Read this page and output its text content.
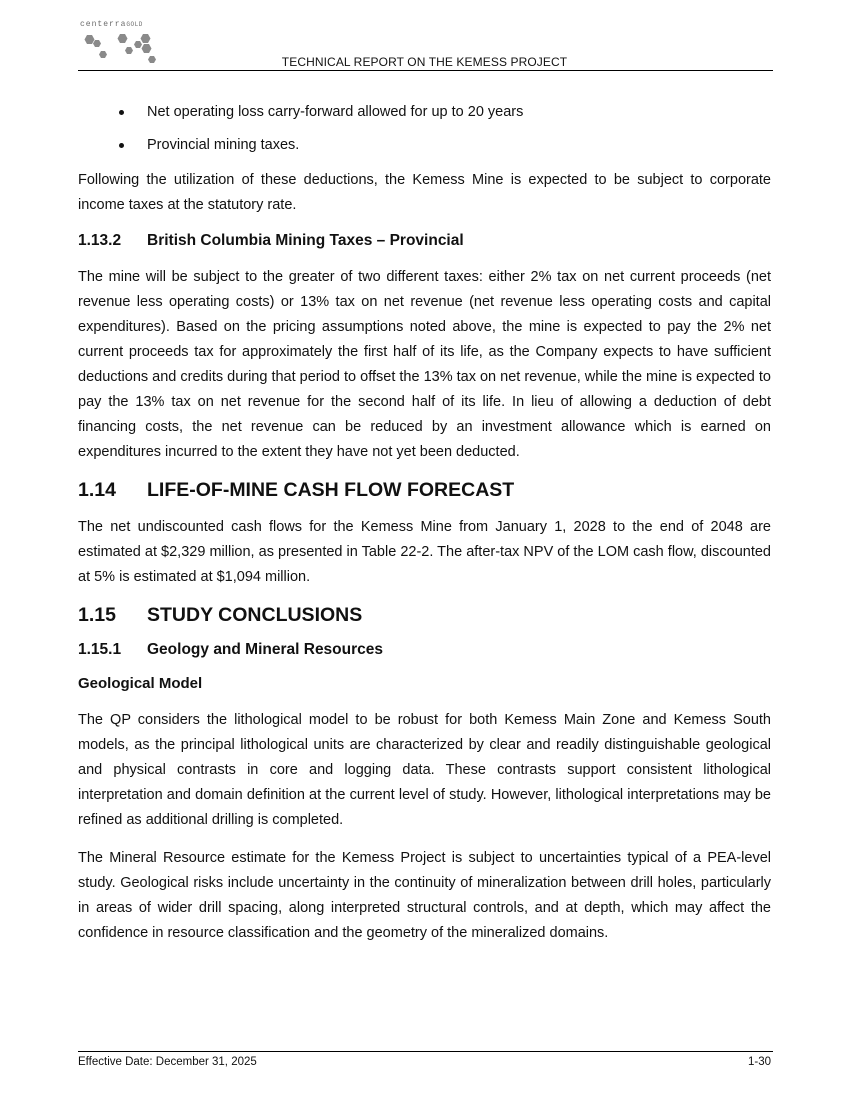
centerraGOLD
TECHNICAL REPORT ON THE KEMESS PROJECT
Net operating loss carry-forward allowed for up to 20 years
Provincial mining taxes.

Following the utilization of these deductions, the Kemess Mine is expected to be subject to corporate income taxes at the statutory rate.

1.13.2	British Columbia Mining Taxes – Provincial

The mine will be subject to the greater of two different taxes: either 2% tax on net current proceeds (net revenue less operating costs) or 13% tax on net revenue (net revenue less operating costs and capital expenditures). Based on the pricing assumptions noted above, the mine is expected to pay the 2% net current proceeds tax for approximately the first half of its life, as the Company expects to have sufficient deductions and credits during that period to offset the 13% tax on net revenue, while the mine is expected to pay the 13% tax on net revenue for the second half of its life. In lieu of allowing a deduction of debt financing costs, the net revenue can be reduced by an investment allowance which is earned on expenditures incurred to the extent they have not yet been deducted.

1.14	LIFE-OF-MINE CASH FLOW FORECAST

The net undiscounted cash flows for the Kemess Mine from January 1, 2028 to the end of 2048 are estimated at $2,329 million, as presented in Table 22-2. The after-tax NPV of the LOM cash flow, discounted at 5% is estimated at $1,094 million.

1.15	STUDY CONCLUSIONS
1.15.1	Geology and Mineral Resources
Geological Model

The QP considers the lithological model to be robust for both Kemess Main Zone and Kemess South models, as the principal lithological units are characterized by clear and readily distinguishable geological and physical contrasts in core and logging data. These contrasts support consistent lithological interpretation and domain definition at the current level of study. However, lithological interpretations may be refined as additional drilling is completed.

The Mineral Resource estimate for the Kemess Project is subject to uncertainties typical of a PEA-level study. Geological risks include uncertainty in the continuity of mineralization between drill holes, particularly in areas of wider drill spacing, along interpreted structural controls, and at depth, which may affect the confidence in resource classification and the geometry of the mineralized domains.

Effective Date: December 31, 2025	1-30
